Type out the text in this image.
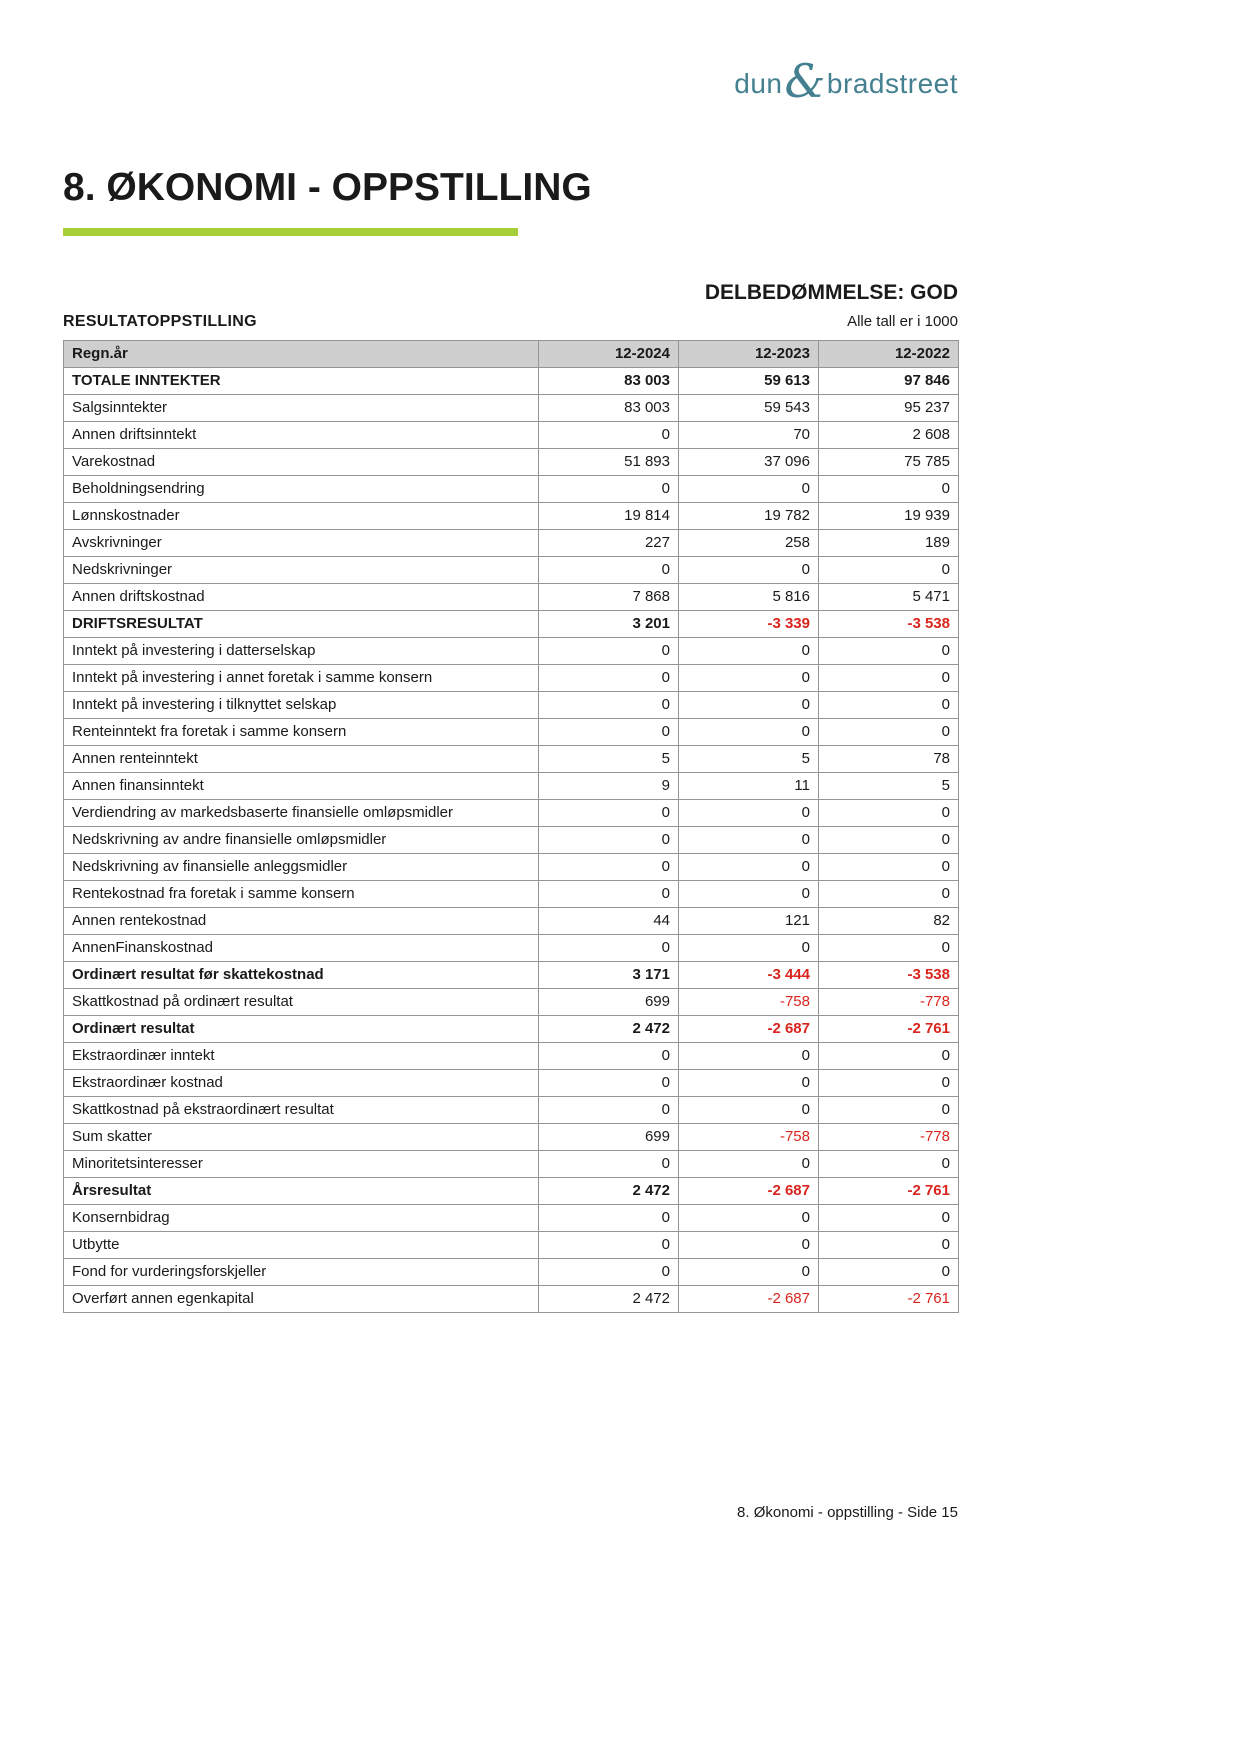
dun & bradstreet
8. ØKONOMI - OPPSTILLING
DELBEDØMMELSE: GOD
RESULTATOPPSTILLING	Alle tall er i 1000
Regn.år	12-2024	12-2023	12-2022
TOTALE INNTEKTER	83 003	59 613	97 846
Salgsinntekter	83 003	59 543	95 237
Annen driftsinntekt	0	70	2 608
Varekostnad	51 893	37 096	75 785
Beholdningsendring	0	0	0
Lønnskostnader	19 814	19 782	19 939
Avskrivninger	227	258	189
Nedskrivninger	0	0	0
Annen driftskostnad	7 868	5 816	5 471
DRIFTSRESULTAT	3 201	-3 339	-3 538
Inntekt på investering i datterselskap	0	0	0
Inntekt på investering i annet foretak i samme konsern	0	0	0
Inntekt på investering i tilknyttet selskap	0	0	0
Renteinntekt fra foretak i samme konsern	0	0	0
Annen renteinntekt	5	5	78
Annen finansinntekt	9	11	5
Verdiendring av markedsbaserte finansielle omløpsmidler	0	0	0
Nedskrivning av andre finansielle omløpsmidler	0	0	0
Nedskrivning av finansielle anleggsmidler	0	0	0
Rentekostnad fra foretak i samme konsern	0	0	0
Annen rentekostnad	44	121	82
AnnenFinanskostnad	0	0	0
Ordinært resultat før skattekostnad	3 171	-3 444	-3 538
Skattkostnad på ordinært resultat	699	-758	-778
Ordinært resultat	2 472	-2 687	-2 761
Ekstraordinær inntekt	0	0	0
Ekstraordinær kostnad	0	0	0
Skattkostnad på ekstraordinært resultat	0	0	0
Sum skatter	699	-758	-778
Minoritetsinteresser	0	0	0
Årsresultat	2 472	-2 687	-2 761
Konsernbidrag	0	0	0
Utbytte	0	0	0
Fond for vurderingsforskjeller	0	0	0
Overført annen egenkapital	2 472	-2 687	-2 761
8. Økonomi - oppstilling - Side 15
